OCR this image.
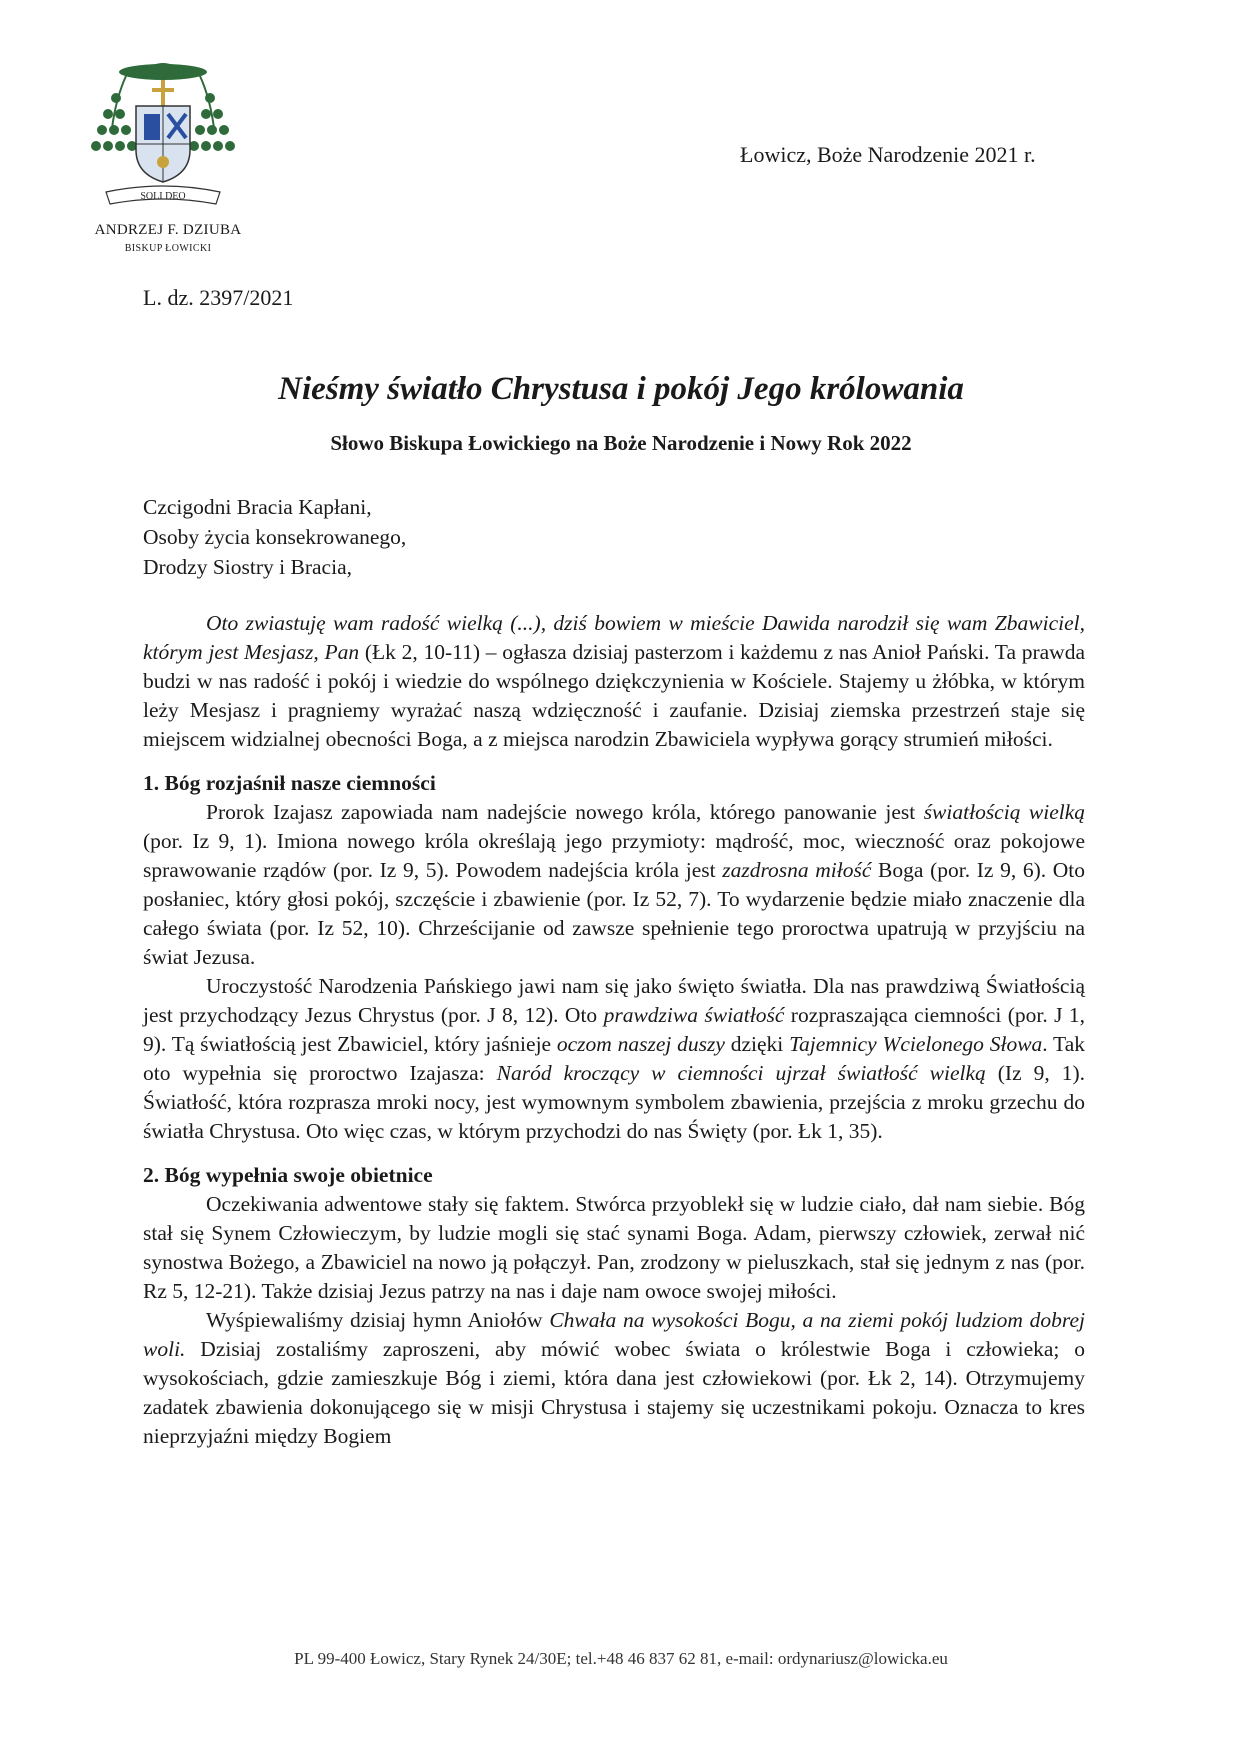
SOLI DEO
ANDRZEJ F. DZIUBA
BISKUP ŁOWICKI
Łowicz, Boże Narodzenie 2021 r.
L. dz. 2397/2021
Nieśmy światło Chrystusa i pokój Jego królowania
Słowo Biskupa Łowickiego na Boże Narodzenie i Nowy Rok 2022
Czcigodni Bracia Kapłani,
Osoby życia konsekrowanego,
Drodzy Siostry i Bracia,

Oto zwiastuję wam radość wielką (...), dziś bowiem w mieście Dawida narodził się wam Zbawiciel, którym jest Mesjasz, Pan (Łk 2, 10-11) – ogłasza dzisiaj pasterzom i każdemu z nas Anioł Pański. Ta prawda budzi w nas radość i pokój i wiedzie do wspólnego dziękczynienia w Kościele. Stajemy u żłóbka, w którym leży Mesjasz i pragniemy wyrażać naszą wdzięczność i zaufanie. Dzisiaj ziemska przestrzeń staje się miejscem widzialnej obecności Boga, a z miejsca narodzin Zbawiciela wypływa gorący strumień miłości.

1. Bóg rozjaśnił nasze ciemności

Prorok Izajasz zapowiada nam nadejście nowego króla, którego panowanie jest światłością wielką (por. Iz 9, 1). Imiona nowego króla określają jego przymioty: mądrość, moc, wieczność oraz pokojowe sprawowanie rządów (por. Iz 9, 5). Powodem nadejścia króla jest zazdrosna miłość Boga (por. Iz 9, 6). Oto posłaniec, który głosi pokój, szczęście i zbawienie (por. Iz 52, 7). To wydarzenie będzie miało znaczenie dla całego świata (por. Iz 52, 10). Chrześcijanie od zawsze spełnienie tego proroctwa upatrują w przyjściu na świat Jezusa.

Uroczystość Narodzenia Pańskiego jawi nam się jako święto światła. Dla nas prawdziwą Światłością jest przychodzący Jezus Chrystus (por. J 8, 12). Oto prawdziwa światłość rozpraszająca ciemności (por. J 1, 9). Tą światłością jest Zbawiciel, który jaśnieje oczom naszej duszy dzięki Tajemnicy Wcielonego Słowa. Tak oto wypełnia się proroctwo Izajasza: Naród kroczący w ciemności ujrzał światłość wielką (Iz 9, 1). Światłość, która rozprasza mroki nocy, jest wymownym symbolem zbawienia, przejścia z mroku grzechu do światła Chrystusa. Oto więc czas, w którym przychodzi do nas Święty (por. Łk 1, 35).

2. Bóg wypełnia swoje obietnice

Oczekiwania adwentowe stały się faktem. Stwórca przyoblekł się w ludzie ciało, dał nam siebie. Bóg stał się Synem Człowieczym, by ludzie mogli się stać synami Boga. Adam, pierwszy człowiek, zerwał nić synostwa Bożego, a Zbawiciel na nowo ją połączył. Pan, zrodzony w pieluszkach, stał się jednym z nas (por. Rz 5, 12-21). Także dzisiaj Jezus patrzy na nas i daje nam owoce swojej miłości.

Wyśpiewaliśmy dzisiaj hymn Aniołów Chwała na wysokości Bogu, a na ziemi pokój ludziom dobrej woli. Dzisiaj zostaliśmy zaproszeni, aby mówić wobec świata o królestwie Boga i człowieka; o wysokościach, gdzie zamieszkuje Bóg i ziemi, która dana jest człowiekowi (por. Łk 2, 14). Otrzymujemy zadatek zbawienia dokonującego się w misji Chrystusa i stajemy się uczestnikami pokoju. Oznacza to kres nieprzyjaźni między Bogiem

PL 99-400 Łowicz, Stary Rynek 24/30E; tel.+48 46 837 62 81, e-mail: ordynariusz@lowicka.eu
